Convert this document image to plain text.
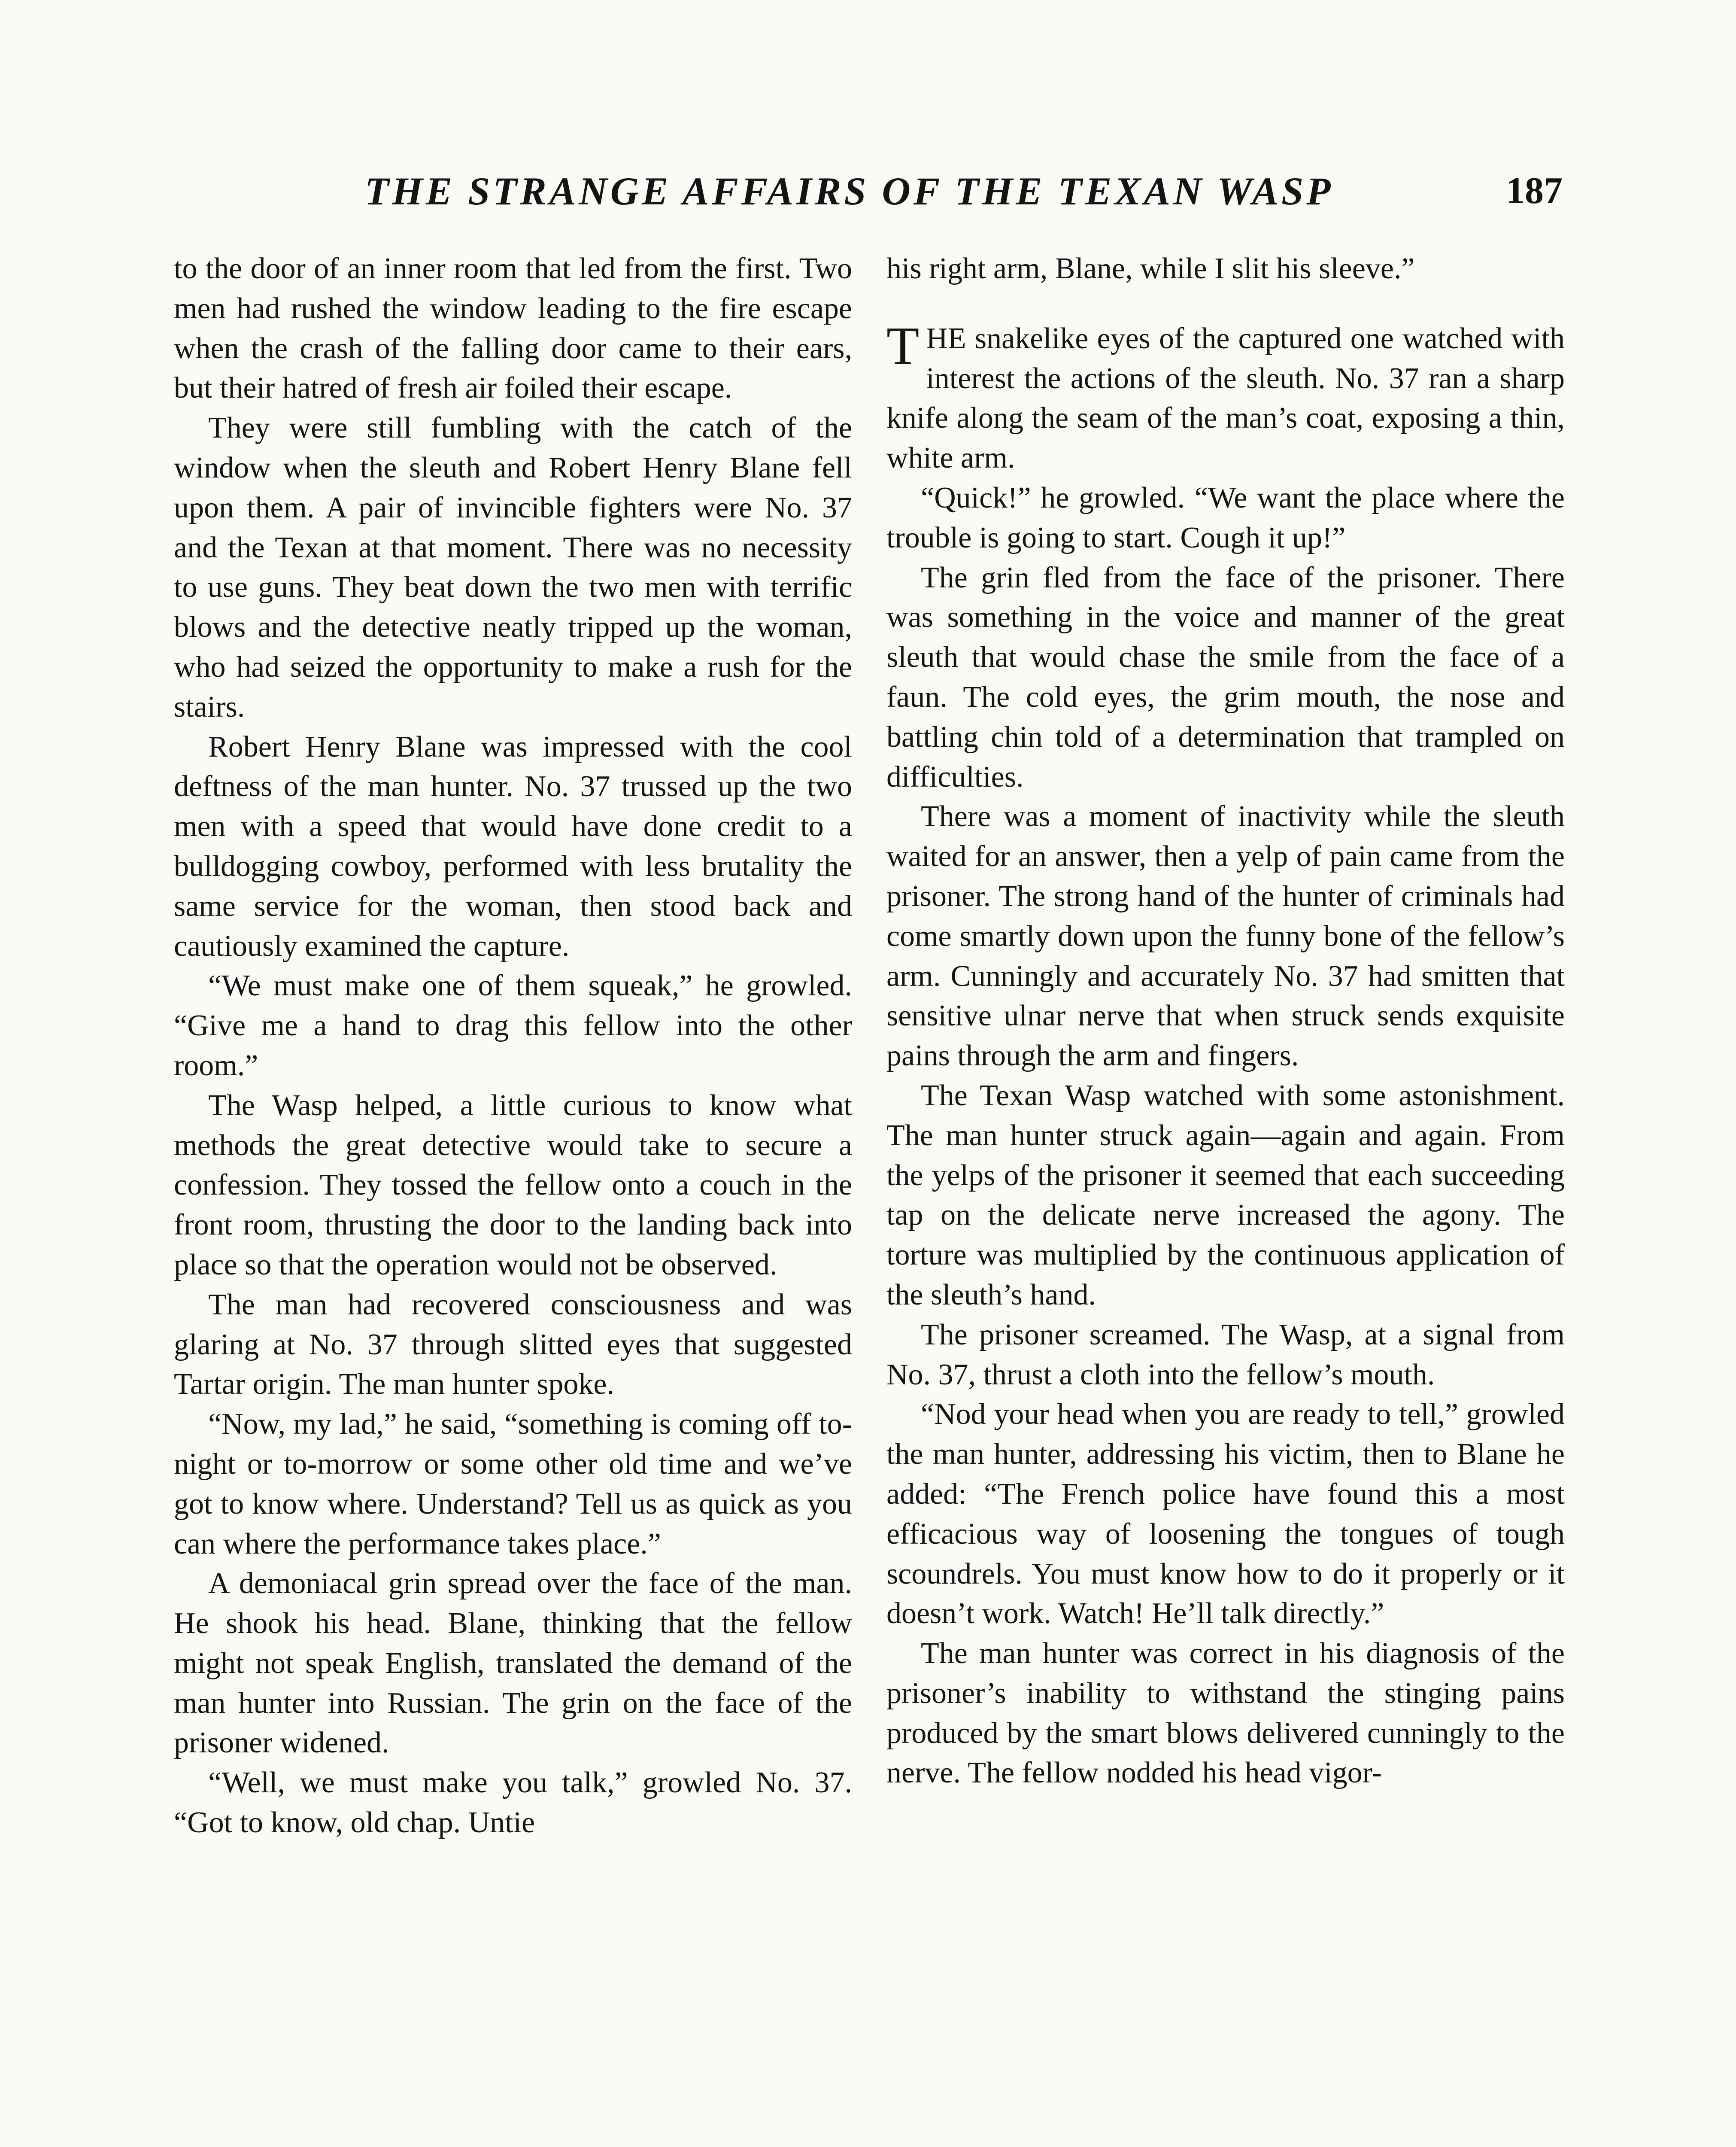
THE STRANGE AFFAIRS OF THE TEXAN WASP	187

to the door of an inner room that led from the first. Two men had rushed the window leading to the fire escape when the crash of the falling door came to their ears, but their hatred of fresh air foiled their escape.

They were still fumbling with the catch of the window when the sleuth and Robert Henry Blane fell upon them. A pair of invincible fighters were No. 37 and the Texan at that moment. There was no necessity to use guns. They beat down the two men with terrific blows and the detective neatly tripped up the woman, who had seized the opportunity to make a rush for the stairs.

Robert Henry Blane was impressed with the cool deftness of the man hunter. No. 37 trussed up the two men with a speed that would have done credit to a bulldogging cowboy, performed with less brutality the same service for the woman, then stood back and cautiously examined the capture.

“We must make one of them squeak,” he growled. “Give me a hand to drag this fellow into the other room.”

The Wasp helped, a little curious to know what methods the great detective would take to secure a confession. They tossed the fellow onto a couch in the front room, thrusting the door to the landing back into place so that the operation would not be observed.

The man had recovered consciousness and was glaring at No. 37 through slitted eyes that suggested Tartar origin. The man hunter spoke.

“Now, my lad,” he said, “something is coming off to-night or to-morrow or some other old time and we’ve got to know where. Understand? Tell us as quick as you can where the performance takes place.”

A demoniacal grin spread over the face of the man. He shook his head. Blane, thinking that the fellow might not speak English, translated the demand of the man hunter into Russian. The grin on the face of the prisoner widened.

“Well, we must make you talk,” growled No. 37. “Got to know, old chap. Untie

his right arm, Blane, while I slit his sleeve.”

THE snakelike eyes of the captured one watched with interest the actions of the sleuth. No. 37 ran a sharp knife along the seam of the man’s coat, exposing a thin, white arm.

“Quick!” he growled. “We want the place where the trouble is going to start. Cough it up!”

The grin fled from the face of the prisoner. There was something in the voice and manner of the great sleuth that would chase the smile from the face of a faun. The cold eyes, the grim mouth, the nose and battling chin told of a determination that trampled on difficulties.

There was a moment of inactivity while the sleuth waited for an answer, then a yelp of pain came from the prisoner. The strong hand of the hunter of criminals had come smartly down upon the funny bone of the fellow’s arm. Cunningly and accurately No. 37 had smitten that sensitive ulnar nerve that when struck sends exquisite pains through the arm and fingers.

The Texan Wasp watched with some astonishment. The man hunter struck again—again and again. From the yelps of the prisoner it seemed that each succeeding tap on the delicate nerve increased the agony. The torture was multiplied by the continuous application of the sleuth’s hand.

The prisoner screamed. The Wasp, at a signal from No. 37, thrust a cloth into the fellow’s mouth.

“Nod your head when you are ready to tell,” growled the man hunter, addressing his victim, then to Blane he added: “The French police have found this a most efficacious way of loosening the tongues of tough scoundrels. You must know how to do it properly or it doesn’t work. Watch! He’ll talk directly.”

The man hunter was correct in his diagnosis of the prisoner’s inability to withstand the stinging pains produced by the smart blows delivered cunningly to the nerve. The fellow nodded his head vigor-
